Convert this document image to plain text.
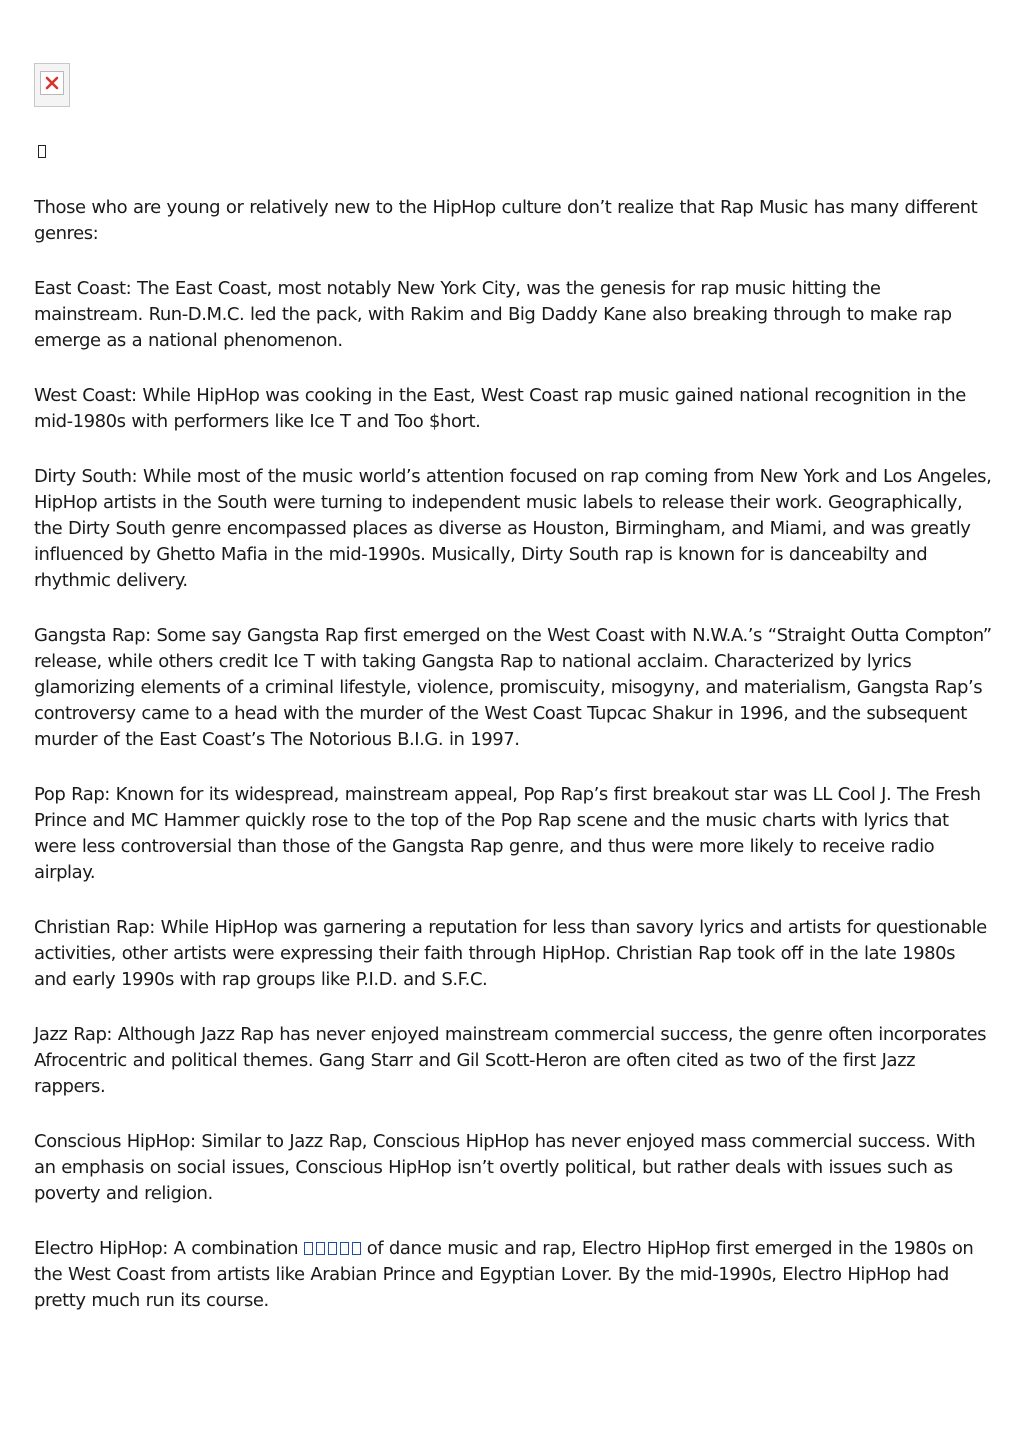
Those who are young or relatively new to the HipHop culture don’t realize that Rap Music has many different genres:

East Coast: The East Coast, most notably New York City, was the genesis for rap music hitting the mainstream. Run-D.M.C. led the pack, with Rakim and Big Daddy Kane also breaking through to make rap emerge as a national phenomenon.

West Coast: While HipHop was cooking in the East, West Coast rap music gained national recognition in the mid-1980s with performers like Ice T and Too $hort.

Dirty South: While most of the music world’s attention focused on rap coming from New York and Los Angeles, HipHop artists in the South were turning to independent music labels to release their work. Geographically, the Dirty South genre encompassed places as diverse as Houston, Birmingham, and Miami, and was greatly influenced by Ghetto Mafia in the mid-1990s. Musically, Dirty South rap is known for is danceabilty and rhythmic delivery.

Gangsta Rap: Some say Gangsta Rap first emerged on the West Coast with N.W.A.’s “Straight Outta Compton” release, while others credit Ice T with taking Gangsta Rap to national acclaim. Characterized by lyrics glamorizing elements of a criminal lifestyle, violence, promiscuity, misogyny, and materialism, Gangsta Rap’s controversy came to a head with the murder of the West Coast Tupcac Shakur in 1996, and the subsequent murder of the East Coast’s The Notorious B.I.G. in 1997.

Pop Rap: Known for its widespread, mainstream appeal, Pop Rap’s first breakout star was LL Cool J. The Fresh Prince and MC Hammer quickly rose to the top of the Pop Rap scene and the music charts with lyrics that were less controversial than those of the Gangsta Rap genre, and thus were more likely to receive radio airplay.

Christian Rap: While HipHop was garnering a reputation for less than savory lyrics and artists for questionable activities, other artists were expressing their faith through HipHop. Christian Rap took off in the late 1980s and early 1990s with rap groups like P.I.D. and S.F.C.

Jazz Rap: Although Jazz Rap has never enjoyed mainstream commercial success, the genre often incorporates Afrocentric and political themes. Gang Starr and Gil Scott-Heron are often cited as two of the first Jazz rappers.

Conscious HipHop: Similar to Jazz Rap, Conscious HipHop has never enjoyed mass commercial success. With an emphasis on social issues, Conscious HipHop isn’t overtly political, but rather deals with issues such as poverty and religion.

Electro HipHop: A combination	of dance music and rap, Electro HipHop first emerged in the 1980s on the West Coast from artists like Arabian Prince and Egyptian Lover. By the mid-1990s, Electro HipHop had pretty much run its course.
